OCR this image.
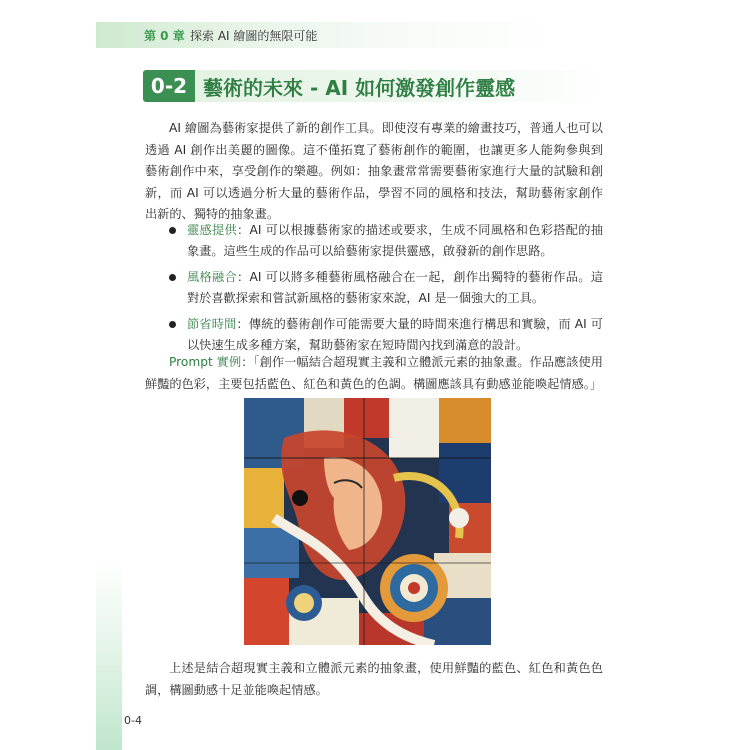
第 0 章 探索 AI 繪圖的無限可能
0-2 藝術的未來 - AI 如何激發創作靈感
AI 繪圖為藝術家提供了新的創作工具。即使沒有專業的繪畫技巧，普通人也可以透過 AI 創作出美麗的圖像。這不僅拓寬了藝術創作的範圍，也讓更多人能夠參與到藝術創作中來，享受創作的樂趣。例如：抽象畫常常需要藝術家進行大量的試驗和創新，而 AI 可以透過分析大量的藝術作品，學習不同的風格和技法，幫助藝術家創作出新的、獨特的抽象畫。
靈感提供：AI 可以根據藝術家的描述或要求，生成不同風格和色彩搭配的抽象畫。這些生成的作品可以給藝術家提供靈感，啟發新的創作思路。
風格融合：AI 可以將多種藝術風格融合在一起，創作出獨特的藝術作品。這對於喜歡探索和嘗試新風格的藝術家來說，AI 是一個強大的工具。
節省時間：傳統的藝術創作可能需要大量的時間來進行構思和實驗，而 AI 可以快速生成多種方案，幫助藝術家在短時間內找到滿意的設計。
Prompt 實例：「創作一幅結合超現實主義和立體派元素的抽象畫。作品應該使用鮮豔的色彩，主要包括藍色、紅色和黃色的色調。構圖應該具有動感並能喚起情感。」
上述是結合超現實主義和立體派元素的抽象畫，使用鮮豔的藍色、紅色和黃色色調，構圖動感十足並能喚起情感。
0-4
